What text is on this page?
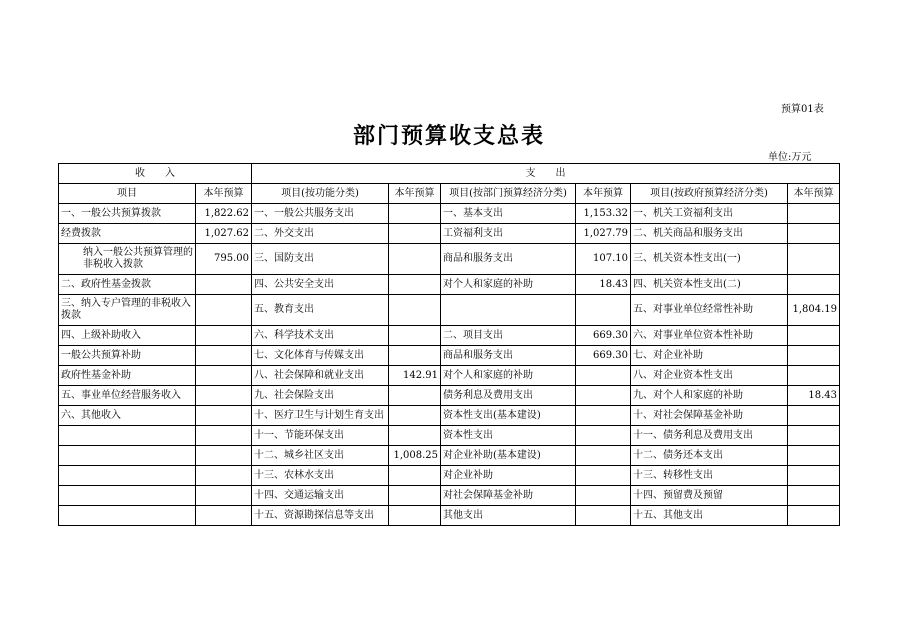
预算01表
部门预算收支总表
单位:万元
收　　入		支　　出					
项目	本年预算	项目(按功能分类)	本年预算	项目(按部门预算经济分类)	本年预算	项目(按政府预算经济分类)	本年预算
一、一般公共预算拨款	1,822.62	一、一般公共服务支出		一、基本支出	1,153.32	一、机关工资福利支出	
经费拨款	1,027.62	二、外交支出		工资福利支出	1,027.79	二、机关商品和服务支出	
纳入一般公共预算管理的非税收入拨款	795.00	三、国防支出		商品和服务支出	107.10	三、机关资本性支出(一)	
二、政府性基金拨款		四、公共安全支出		对个人和家庭的补助	18.43	四、机关资本性支出(二)	
三、纳入专户管理的非税收入拨款		五、教育支出				五、对事业单位经常性补助	1,804.19
四、上级补助收入		六、科学技术支出		二、项目支出	669.30	六、对事业单位资本性补助	
一般公共预算补助		七、文化体育与传媒支出		商品和服务支出	669.30	七、对企业补助	
政府性基金补助		八、社会保障和就业支出	142.91	对个人和家庭的补助		八、对企业资本性支出	
五、事业单位经营服务收入		九、社会保险支出		债务利息及费用支出		九、对个人和家庭的补助	18.43
六、其他收入		十、医疗卫生与计划生育支出		资本性支出(基本建设)		十、对社会保障基金补助	
		十一、节能环保支出		资本性支出		十一、债务利息及费用支出	
		十二、城乡社区支出	1,008.25	对企业补助(基本建设)		十二、债务还本支出	
		十三、农林水支出		对企业补助		十三、转移性支出	
		十四、交通运输支出		对社会保障基金补助		十四、预留费及预留	
		十五、资源勘探信息等支出		其他支出		十五、其他支出	
